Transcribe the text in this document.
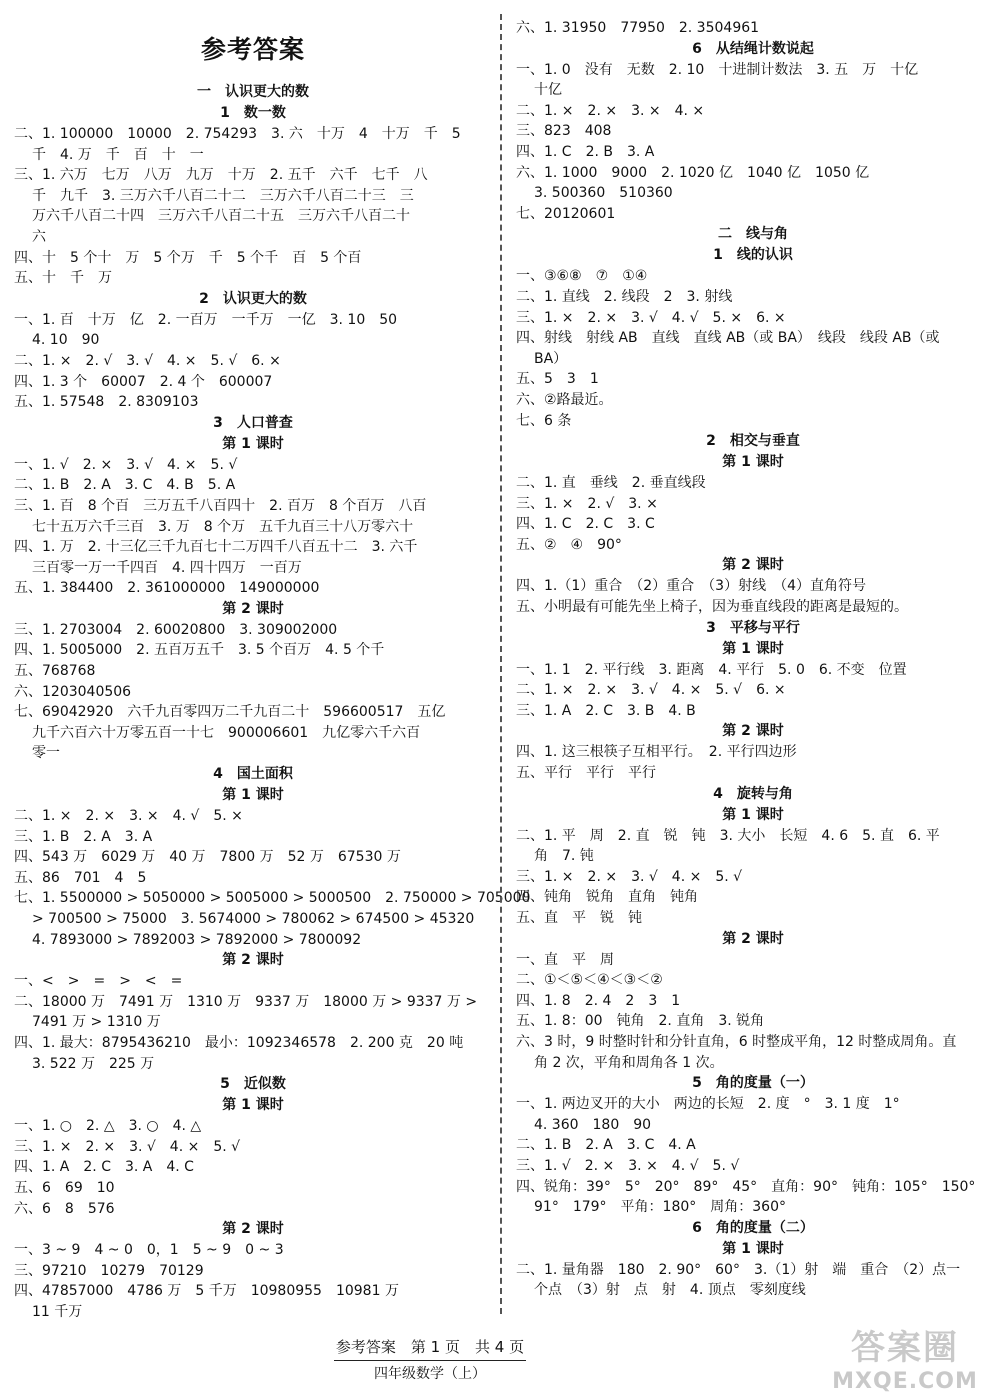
参考答案
一　认识更大的数
1　数一数
二、1. 100000　10000　2. 754293　3. 六　十万　4　十万　千　5
千　4. 万　千　百　十　一
三、1. 六万　七万　八万　九万　十万　2. 五千　六千　七千　八
千　九千　3. 三万六千八百二十二　三万六千八百二十三　三
万六千八百二十四　三万六千八百二十五　三万六千八百二十
六
四、十　5 个十　万　5 个万　千　5 个千　百　5 个百
五、十　千　万
2　认识更大的数
一、1. 百　十万　亿　2. 一百万　一千万　一亿　3. 10　50
4. 10　90
二、1. ×　2. √　3. √　4. ×　5. √　6. ×
四、1. 3 个　60007　2. 4 个　600007
五、1. 57548　2. 8309103
3　人口普查
第 1 课时
一、1. √　2. ×　3. √　4. ×　5. √
二、1. B　2. A　3. C　4. B　5. A
三、1. 百　8 个百　三万五千八百四十　2. 百万　8 个百万　八百
七十五万六千三百　3. 万　8 个万　五千九百三十八万零六十
四、1. 万　2. 十三亿三千九百七十二万四千八百五十二　3. 六千
三百零一万一千四百　4. 四十四万　一百万
五、1. 384400　2. 361000000　149000000
第 2 课时
三、1. 2703004　2. 60020800　3. 309002000
四、1. 5005000　2. 五百万五千　3. 5 个百万　4. 5 个千
五、768768
六、1203040506
七、69042920　六千九百零四万二千九百二十　596600517　五亿
九千六百六十万零五百一十七　900006601　九亿零六千六百
零一
4　国土面积
第 1 课时
二、1. ×　2. ×　3. ×　4. √　5. ×
三、1. B　2. A　3. A
四、543 万　6029 万　40 万　7800 万　52 万　67530 万
五、86　701　4　5
七、1. 5500000 > 5050000 > 5005000 > 5000500　2. 750000 > 705000
> 700500 > 75000　3. 5674000 > 780062 > 674500 > 45320
4. 7893000 > 7892003 > 7892000 > 7800092
第 2 课时
一、<　>　=　>　<　=
二、18000 万　7491 万　1310 万　9337 万　18000 万 > 9337 万 >
7491 万 > 1310 万
四、1. 最大：8795436210　最小：1092346578　2. 200 克　20 吨
3. 522 万　225 万
5　近似数
第 1 课时
一、1. ○　2. △　3. ○　4. △
三、1. ×　2. ×　3. √　4. ×　5. √
四、1. A　2. C　3. A　4. C
五、6　69　10
六、6　8　576
第 2 课时
一、3 ~ 9　4 ~ 0　0，1　5 ~ 9　0 ~ 3
三、97210　10279　70129
四、47857000　4786 万　5 千万　10980955　10981 万
11 千万
六、1. 31950　77950　2. 3504961
6　从结绳计数说起
一、1. 0　没有　无数　2. 10　十进制计数法　3. 五　万　十亿
十亿
二、1. ×　2. ×　3. ×　4. ×
三、823　408
四、1. C　2. B　3. A
六、1. 1000　9000　2. 1020 亿　1040 亿　1050 亿
3. 500360　510360
七、20120601
二　线与角
1　线的认识
一、③⑥⑧　⑦　①④
二、1. 直线　2. 线段　2　3. 射线
三、1. ×　2. ×　3. √　4. √　5. ×　6. ×
四、射线　射线 AB　直线　直线 AB（或 BA）　线段　线段 AB（或
BA）
五、5　3　1
六、②路最近。
七、6 条
2　相交与垂直
第 1 课时
二、1. 直　垂线　2. 垂直线段
三、1. ×　2. √　3. ×
四、1. C　2. C　3. C
五、②　④　90°
第 2 课时
四、1.（1）重合　（2）重合　（3）射线　（4）直角符号
五、小明最有可能先坐上椅子，因为垂直线段的距离是最短的。
3　平移与平行
第 1 课时
一、1. 1　2. 平行线　3. 距离　4. 平行　5. 0　6. 不变　位置
二、1. ×　2. ×　3. √　4. ×　5. √　6. ×
三、1. A　2. C　3. B　4. B
第 2 课时
四、1. 这三根筷子互相平行。　2. 平行四边形
五、平行　平行　平行
4　旋转与角
第 1 课时
二、1. 平　周　2. 直　锐　钝　3. 大小　长短　4. 6　5. 直　6. 平
角　7. 钝
三、1. ×　2. ×　3. √　4. ×　5. √
四、钝角　锐角　直角　钝角
五、直　平　锐　钝
第 2 课时
一、直　平　周
二、①＜⑤＜④＜③＜②
四、1. 8　2. 4　2　3　1
五、1. 8：00　钝角　2. 直角　3. 锐角
六、3 时，9 时整时针和分针直角，6 时整成平角，12 时整成周角。直
角 2 次，平角和周角各 1 次。
5　角的度量（一）
一、1. 两边叉开的大小　两边的长短　2. 度　°　3. 1 度　1°
4. 360　180　90
二、1. B　2. A　3. C　4. A
三、1. √　2. ×　3. ×　4. √　5. √
四、锐角：39°　5°　20°　89°　45°　直角：90°　钝角：105°　150°
91°　179°　平角：180°　周角：360°
6　角的度量（二）
第 1 课时
二、1. 量角器　180　2. 90°　60°　3.（1）射　端　重合　（2）点一
个点　（3）射　点　射　4. 顶点　零刻度线
参考答案　第 1 页　共 4 页
四年级数学（上）
答案圈
MXQE.COM
